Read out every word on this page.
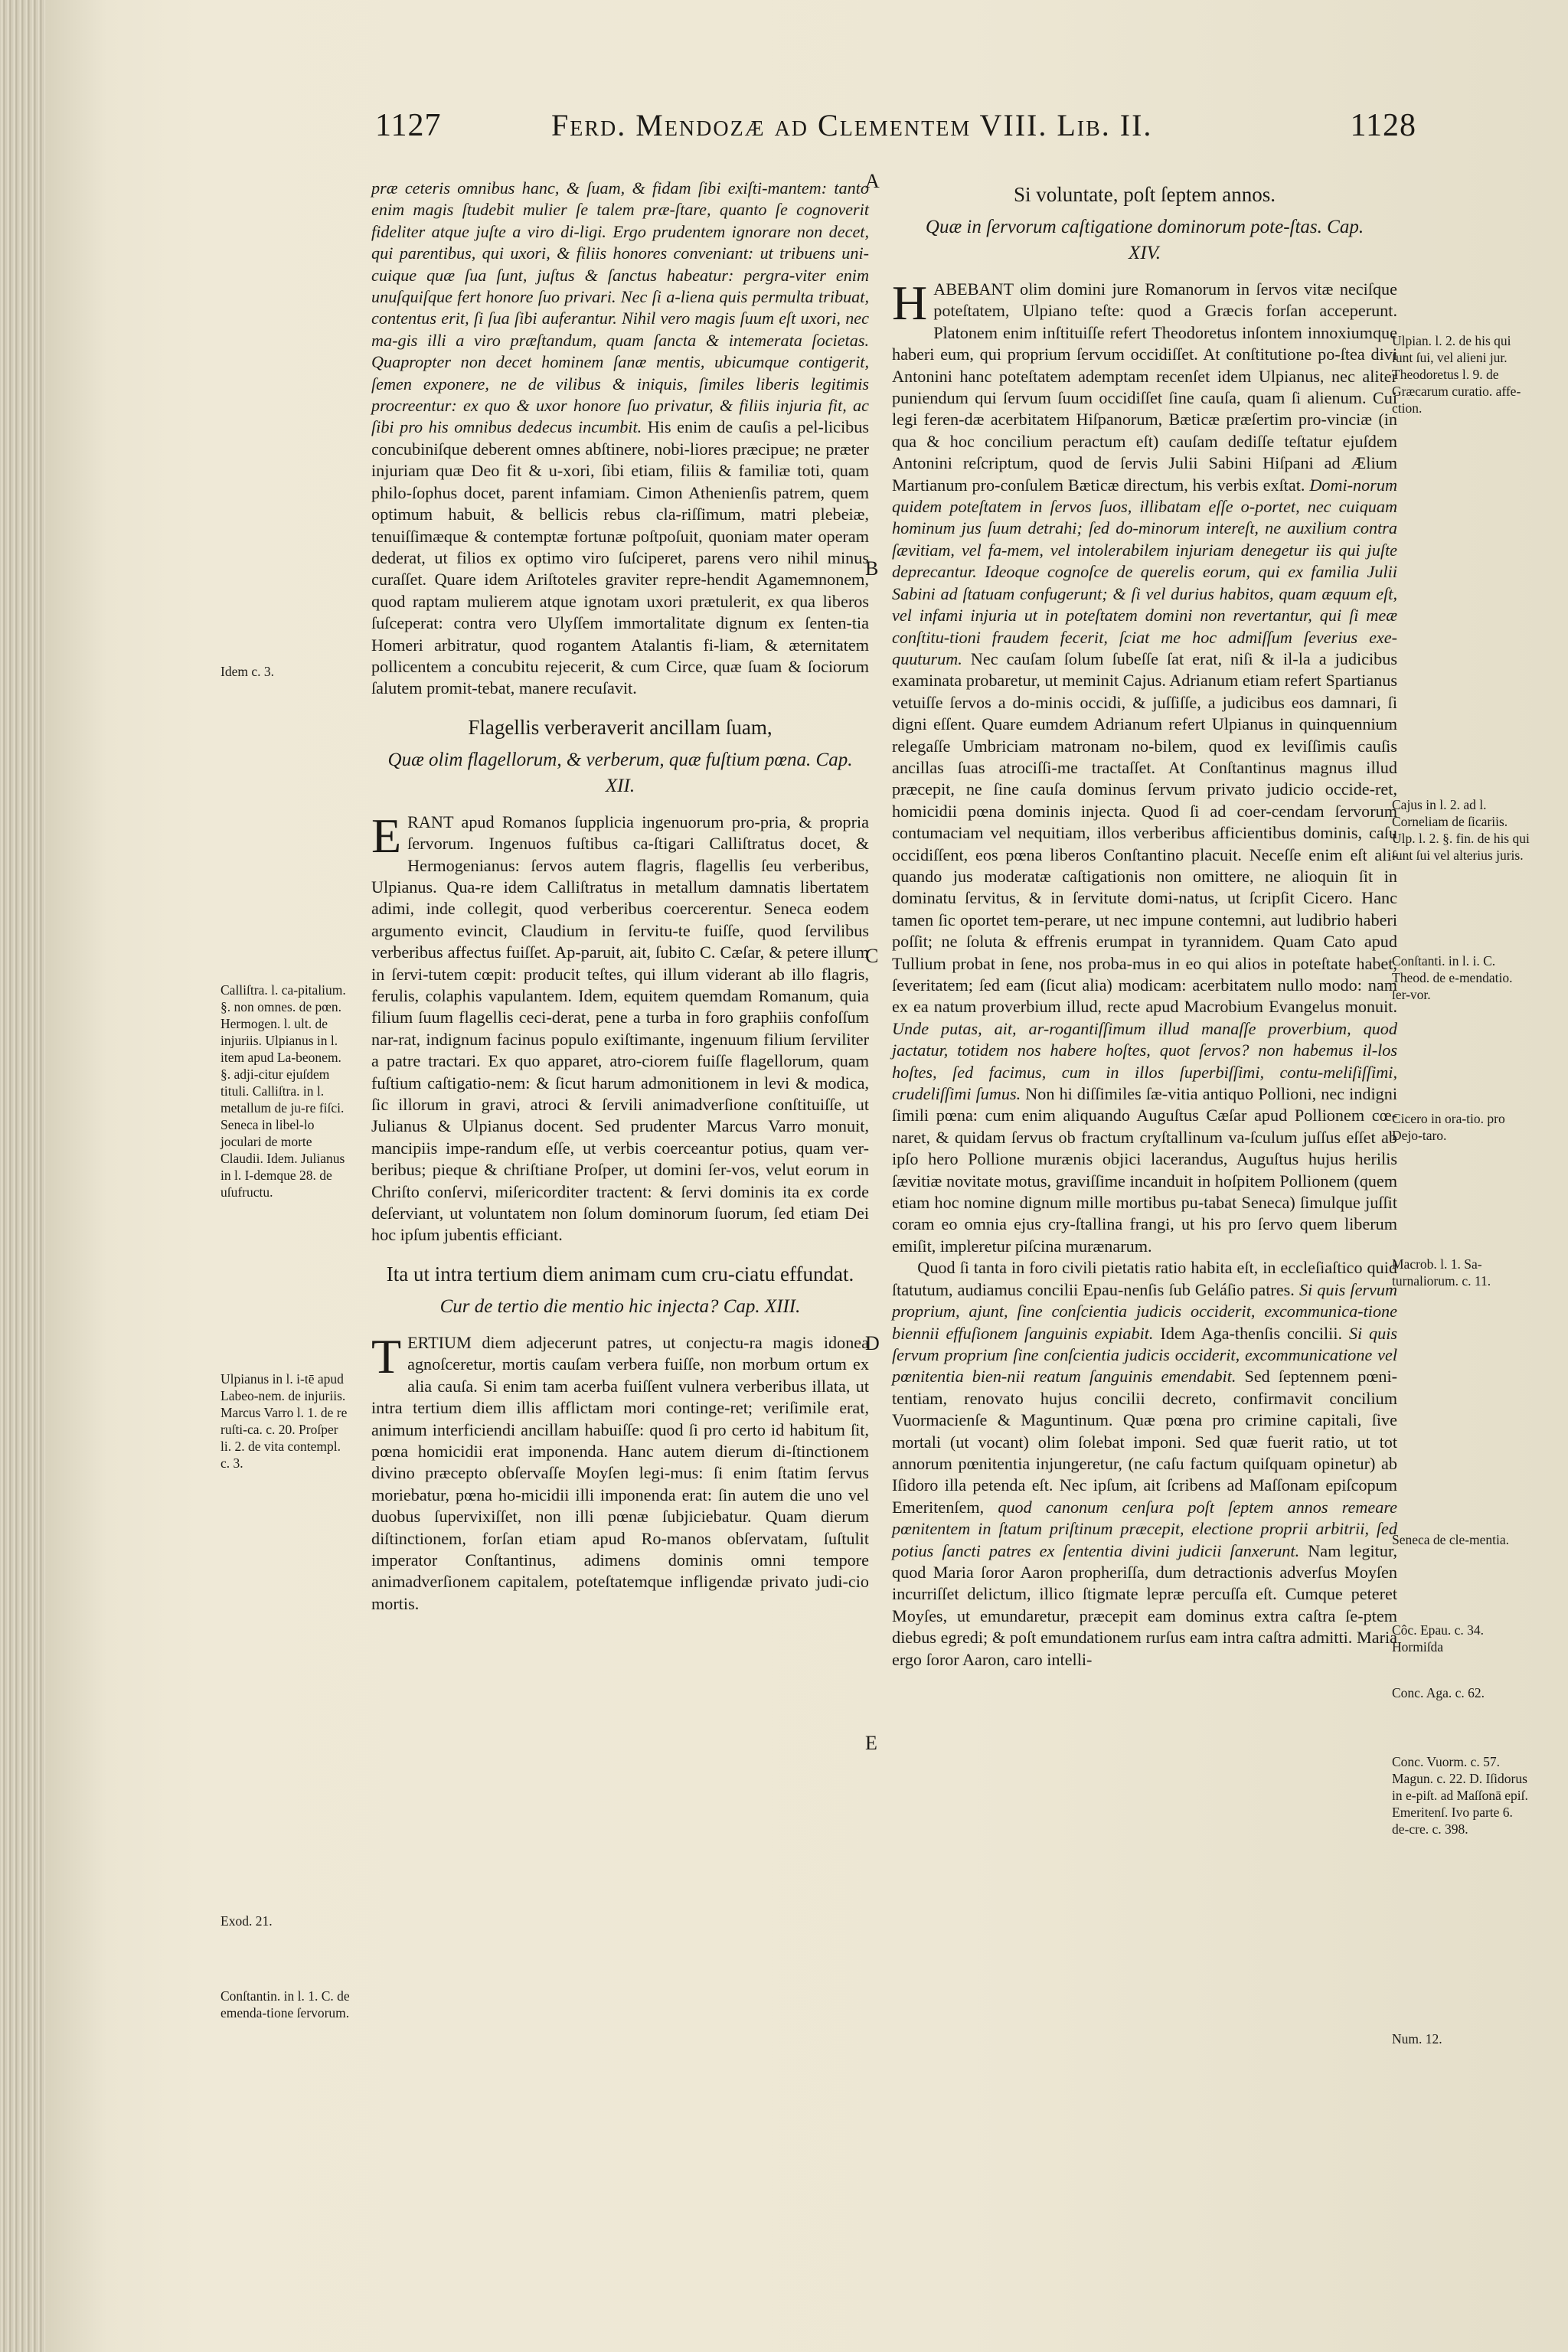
1127	Ferd. Mendozæ ad Clementem VIII. Lib. II.	1128
A
B
C
D
E

præ ceteris omnibus hanc, & ſuam, & fidam ſibi exiſti-mantem: tanto enim magis ſtudebit mulier ſe talem præ-ſtare, quanto ſe cognoverit fideliter atque juſte a viro di-ligi. Ergo prudentem ignorare non decet, qui parentibus, qui uxori, & filiis honores conveniant: ut tribuens uni-cuique quæ ſua ſunt, juſtus & ſanctus habeatur: pergra-viter enim unuſquiſque fert honore ſuo privari. Nec ſi a-liena quis permulta tribuat, contentus erit, ſi ſua ſibi auferantur. Nihil vero magis ſuum eſt uxori, nec ma-gis illi a viro præſtandum, quam ſancta & intemerata ſocietas. Quapropter non decet hominem ſanæ mentis, ubicumque contigerit, ſemen exponere, ne de vilibus & iniquis, ſimiles liberis legitimis procreentur: ex quo & uxor honore ſuo privatur, & filiis injuria fit, ac ſibi pro his omnibus dedecus incumbit. His enim de cauſis a pel-licibus concubiniſque deberent omnes abſtinere, nobi-liores præcipue; ne præter injuriam quæ Deo fit & u-xori, ſibi etiam, filiis & familiæ toti, quam philo-ſophus docet, parent infamiam. Cimon Athenienſis patrem, quem optimum habuit, & bellicis rebus cla-riſſimum, matri plebeiæ, tenuiſſimæque & contemptæ fortunæ poſtpoſuit, quoniam mater operam dederat, ut filios ex optimo viro ſuſciperet, parens vero nihil minus curaſſet. Quare idem Ariſtoteles graviter repre-hendit Agamemnonem, quod raptam mulierem atque ignotam uxori prætulerit, ex qua liberos ſuſceperat: contra vero Ulyſſem immortalitate dignum ex ſenten-tia Homeri arbitratur, quod rogantem Atalantis fi-liam, & æternitatem pollicentem a concubitu rejecerit, & cum Circe, quæ ſuam & ſociorum ſalutem promit-tebat, manere recuſavit.

Flagellis verberaverit ancillam ſuam,
Quæ olim flagellorum, & verberum, quæ fuſtium pœna. Cap. XII.

ERANT apud Romanos ſupplicia ingenuorum pro-pria, & propria ſervorum. Ingenuos fuſtibus ca-ſtigari Calliſtratus docet, & Hermogenianus: ſervos autem flagris, flagellis ſeu verberibus, Ulpianus. Qua-re idem Calliſtratus in metallum damnatis libertatem adimi, inde collegit, quod verberibus coercerentur. Seneca eodem argumento evincit, Claudium in ſervitu-te fuiſſe, quod ſervilibus verberibus affectus fuiſſet. Ap-paruit, ait, ſubito C. Cæſar, & petere illum in ſervi-tutem cœpit: producit teſtes, qui illum viderant ab illo flagris, ferulis, colaphis vapulantem. Idem, equitem quemdam Romanum, quia filium ſuum flagellis ceci-derat, pene a turba in foro graphiis confoſſum nar-rat, indignum facinus populo exiſtimante, ingenuum filium ſerviliter a patre tractari. Ex quo apparet, atro-ciorem fuiſſe flagellorum, quam fuſtium caſtigatio-nem: & ſicut harum admonitionem in levi & modica, ſic illorum in gravi, atroci & ſervili animadverſione conſtituiſſe, ut Julianus & Ulpianus docent. Sed prudenter Marcus Varro monuit, mancipiis impe-randum eſſe, ut verbis coerceantur potius, quam ver-beribus; pieque & chriſtiane Proſper, ut domini ſer-vos, velut eorum in Chriſto conſervi, miſericorditer tractent: & ſervi dominis ita ex corde deſerviant, ut voluntatem non ſolum dominorum ſuorum, ſed etiam Dei hoc ipſum jubentis efficiant.

Ita ut intra tertium diem animam cum cru-ciatu effundat.
Cur de tertio die mentio hic injecta? Cap. XIII.

TERTIUM diem adjecerunt patres, ut conjectu-ra magis idonea agnoſceretur, mortis cauſam verbera fuiſſe, non morbum ortum ex alia cauſa. Si enim tam acerba fuiſſent vulnera verberibus illata, ut intra tertium diem illis afflictam mori continge-ret; veriſimile erat, animum interficiendi ancillam habuiſſe: quod ſi pro certo id habitum ſit, pœna homicidii erat imponenda. Hanc autem dierum di-ſtinctionem divino præcepto obſervaſſe Moyſen legi-mus: ſi enim ſtatim ſervus moriebatur, pœna ho-micidii illi imponenda erat: ſin autem die uno vel duobus ſupervixiſſet, non illi pœnæ ſubjiciebatur. Quam dierum diſtinctionem, forſan etiam apud Ro-manos obſervatam, ſuſtulit imperator Conſtantinus, adimens dominis omni tempore animadverſionem capitalem, poteſtatemque infligendæ privato judi-cio mortis.

Si voluntate, poſt ſeptem annos.
Quæ in ſervorum caſtigatione dominorum pote-ſtas. Cap. XIV.

HABEBANT olim domini jure Romanorum in ſervos vitæ neciſque poteſtatem, Ulpiano teſte: quod a Græcis forſan acceperunt. Platonem enim inſtituiſſe refert Theodoretus inſontem innoxiumque haberi eum, qui proprium ſervum occidiſſet. At conſtitutione po-ſtea divi Antonini hanc poteſtatem ademptam recenſet idem Ulpianus, nec aliter puniendum qui ſervum ſuum occidiſſet ſine cauſa, quam ſi alienum. Cui legi feren-dæ acerbitatem Hiſpanorum, Bæticæ præſertim pro-vinciæ (in qua & hoc concilium peractum eſt) cauſam dediſſe teſtatur ejuſdem Antonini reſcriptum, quod de ſervis Julii Sabini Hiſpani ad Ælium Martianum pro-conſulem Bæticæ directum, his verbis exſtat. Domi-norum quidem poteſtatem in ſervos ſuos, illibatam eſſe o-portet, nec cuiquam hominum jus ſuum detrahi; ſed do-minorum intereſt, ne auxilium contra ſævitiam, vel fa-mem, vel intolerabilem injuriam denegetur iis qui juſte deprecantur. Ideoque cognoſce de querelis eorum, qui ex familia Julii Sabini ad ſtatuam confugerunt; & ſi vel durius habitos, quam æquum eſt, vel infami injuria ut in poteſtatem domini non revertantur, qui ſi meæ conſtitu-tioni fraudem fecerit, ſciat me hoc admiſſum ſeverius exe-quuturum. Nec cauſam ſolum ſubeſſe ſat erat, niſi & il-la a judicibus examinata probaretur, ut meminit Cajus. Adrianum etiam refert Spartianus vetuiſſe ſervos a do-minis occidi, & juſſiſſe, a judicibus eos damnari, ſi digni eſſent. Quare eumdem Adrianum refert Ulpianus in quinquennium relegaſſe Umbriciam matronam no-bilem, quod ex leviſſimis cauſis ancillas ſuas atrociſſi-me tractaſſet. At Conſtantinus magnus illud præcepit, ne ſine cauſa dominus ſervum privato judicio occide-ret, homicidii pœna dominis injecta. Quod ſi ad coer-cendam ſervorum contumaciam vel nequitiam, illos verberibus afficientibus dominis, caſu occidiſſent, eos pœna liberos Conſtantino placuit. Neceſſe enim eſt ali-quando jus moderatæ caſtigationis non omittere, ne alioquin ſit in dominatu ſervitus, & in ſervitute domi-natus, ut ſcripſit Cicero. Hanc tamen ſic oportet tem-perare, ut nec impune contemni, aut ludibrio haberi poſſit; ne ſoluta & effrenis erumpat in tyrannidem. Quam Cato apud Tullium probat in ſene, nos proba-mus in eo qui alios in poteſtate habet, ſeveritatem; ſed eam (ſicut alia) modicam: acerbitatem nullo modo: nam ex ea natum proverbium illud, recte apud Macrobium Evangelus monuit. Unde putas, ait, ar-rogantiſſimum illud manaſſe proverbium, quod jactatur, totidem nos habere hoſtes, quot ſervos? non habemus il-los hoſtes, ſed facimus, cum in illos ſuperbiſſimi, contu-meliſiſſimi, crudeliſſimi ſumus. Non hi diſſimiles ſæ-vitia antiquo Pollioni, nec indigni ſimili pœna: cum enim aliquando Auguſtus Cæſar apud Pollionem cœ-naret, & quidam ſervus ob fractum cryſtallinum va-ſculum juſſus eſſet ab ipſo hero Pollione murænis objici lacerandus, Auguſtus hujus herilis ſævitiæ novitate motus, graviſſime incanduit in hoſpitem Pollionem (quem etiam hoc nomine dignum mille mortibus pu-tabat Seneca) ſimulque juſſit coram eo omnia ejus cry-ſtallina frangi, ut his pro ſervo quem liberum emiſit, impleretur piſcina murænarum.

Quod ſi tanta in foro civili pietatis ratio habita eſt, in eccleſiaſtico quid ſtatutum, audiamus concilii Epau-nenſis ſub Geláſio patres. Si quis ſervum proprium, ajunt, ſine conſcientia judicis occiderit, excommunica-tione biennii effuſionem ſanguinis expiabit. Idem Aga-thenſis concilii. Si quis ſervum proprium ſine conſcientia judicis occiderit, excommunicatione vel pœnitentia bien-nii reatum ſanguinis emendabit. Sed ſeptennem pœni-tentiam, renovato hujus concilii decreto, confirmavit concilium Vuormacienſe & Maguntinum. Quæ pœna pro crimine capitali, ſive mortali (ut vocant) olim ſolebat imponi. Sed quæ fuerit ratio, ut tot annorum pœnitentia injungeretur, (ne caſu factum quiſquam opinetur) ab Iſidoro illa petenda eſt. Nec ipſum, ait ſcribens ad Maſſonam epiſcopum Emeritenſem, quod canonum cenſura poſt ſeptem annos remeare pœnitentem in ſtatum priſtinum præcepit, electione proprii arbitrii, ſed potius ſancti patres ex ſententia divini judicii ſanxerunt. Nam legitur, quod Maria ſoror Aaron propheriſſa, dum detractionis adverſus Moyſen incurriſſet delictum, illico ſtigmate lepræ percuſſa eſt. Cumque peteret Moyſes, ut emundaretur, præcepit eam dominus extra caſtra ſe-ptem diebus egredi; & poſt emundationem rurſus eam intra caſtra admitti. Maria ergo ſoror Aaron, caro intelli-

Idem c. 3.
Calliſtra. l. ca-pitalium. §. non omnes. de pœn. Hermogen. l. ult. de injuriis. Ulpianus in l. item apud La-beonem. §. adji-citur ejuſdem tituli. Calliſtra. in l. metallum de ju-re fiſci. Seneca in libel-lo joculari de morte Claudii. Idem. Julianus in l. I-demque 28. de uſufructu.
Ulpianus in l. i-tē apud Labeo-nem. de injuriis. Marcus Varro l. 1. de re ruſti-ca. c. 20. Proſper li. 2. de vita contempl. c. 3.
Exod. 21.
Conſtantin. in l. 1. C. de emenda-tione ſervorum.
Ulpian. l. 2. de his qui ſunt ſui, vel alieni jur. Theodoretus l. 9. de Græcarum curatio. affe-ction.
Cajus in l. 2. ad l. Corneliam de ſicariis. Ulp. l. 2. §. fin. de his qui ſunt ſui vel alterius juris.
Conſtanti. in l. i. C. Theod. de e-mendatio. ſer-vor.
Cicero in ora-tio. pro Dejo-taro.
Macrob. l. 1. Sa-turnaliorum. c. 11.
Seneca de cle-mentia.
Côc. Epau. c. 34. Hormiſda
Conc. Aga. c. 62.
Conc. Vuorm. c. 57. Magun. c. 22. D. Iſidorus in e-piſt. ad Maſſonā epiſ. Emeritenſ. Ivo parte 6. de-cre. c. 398.
Num. 12.
